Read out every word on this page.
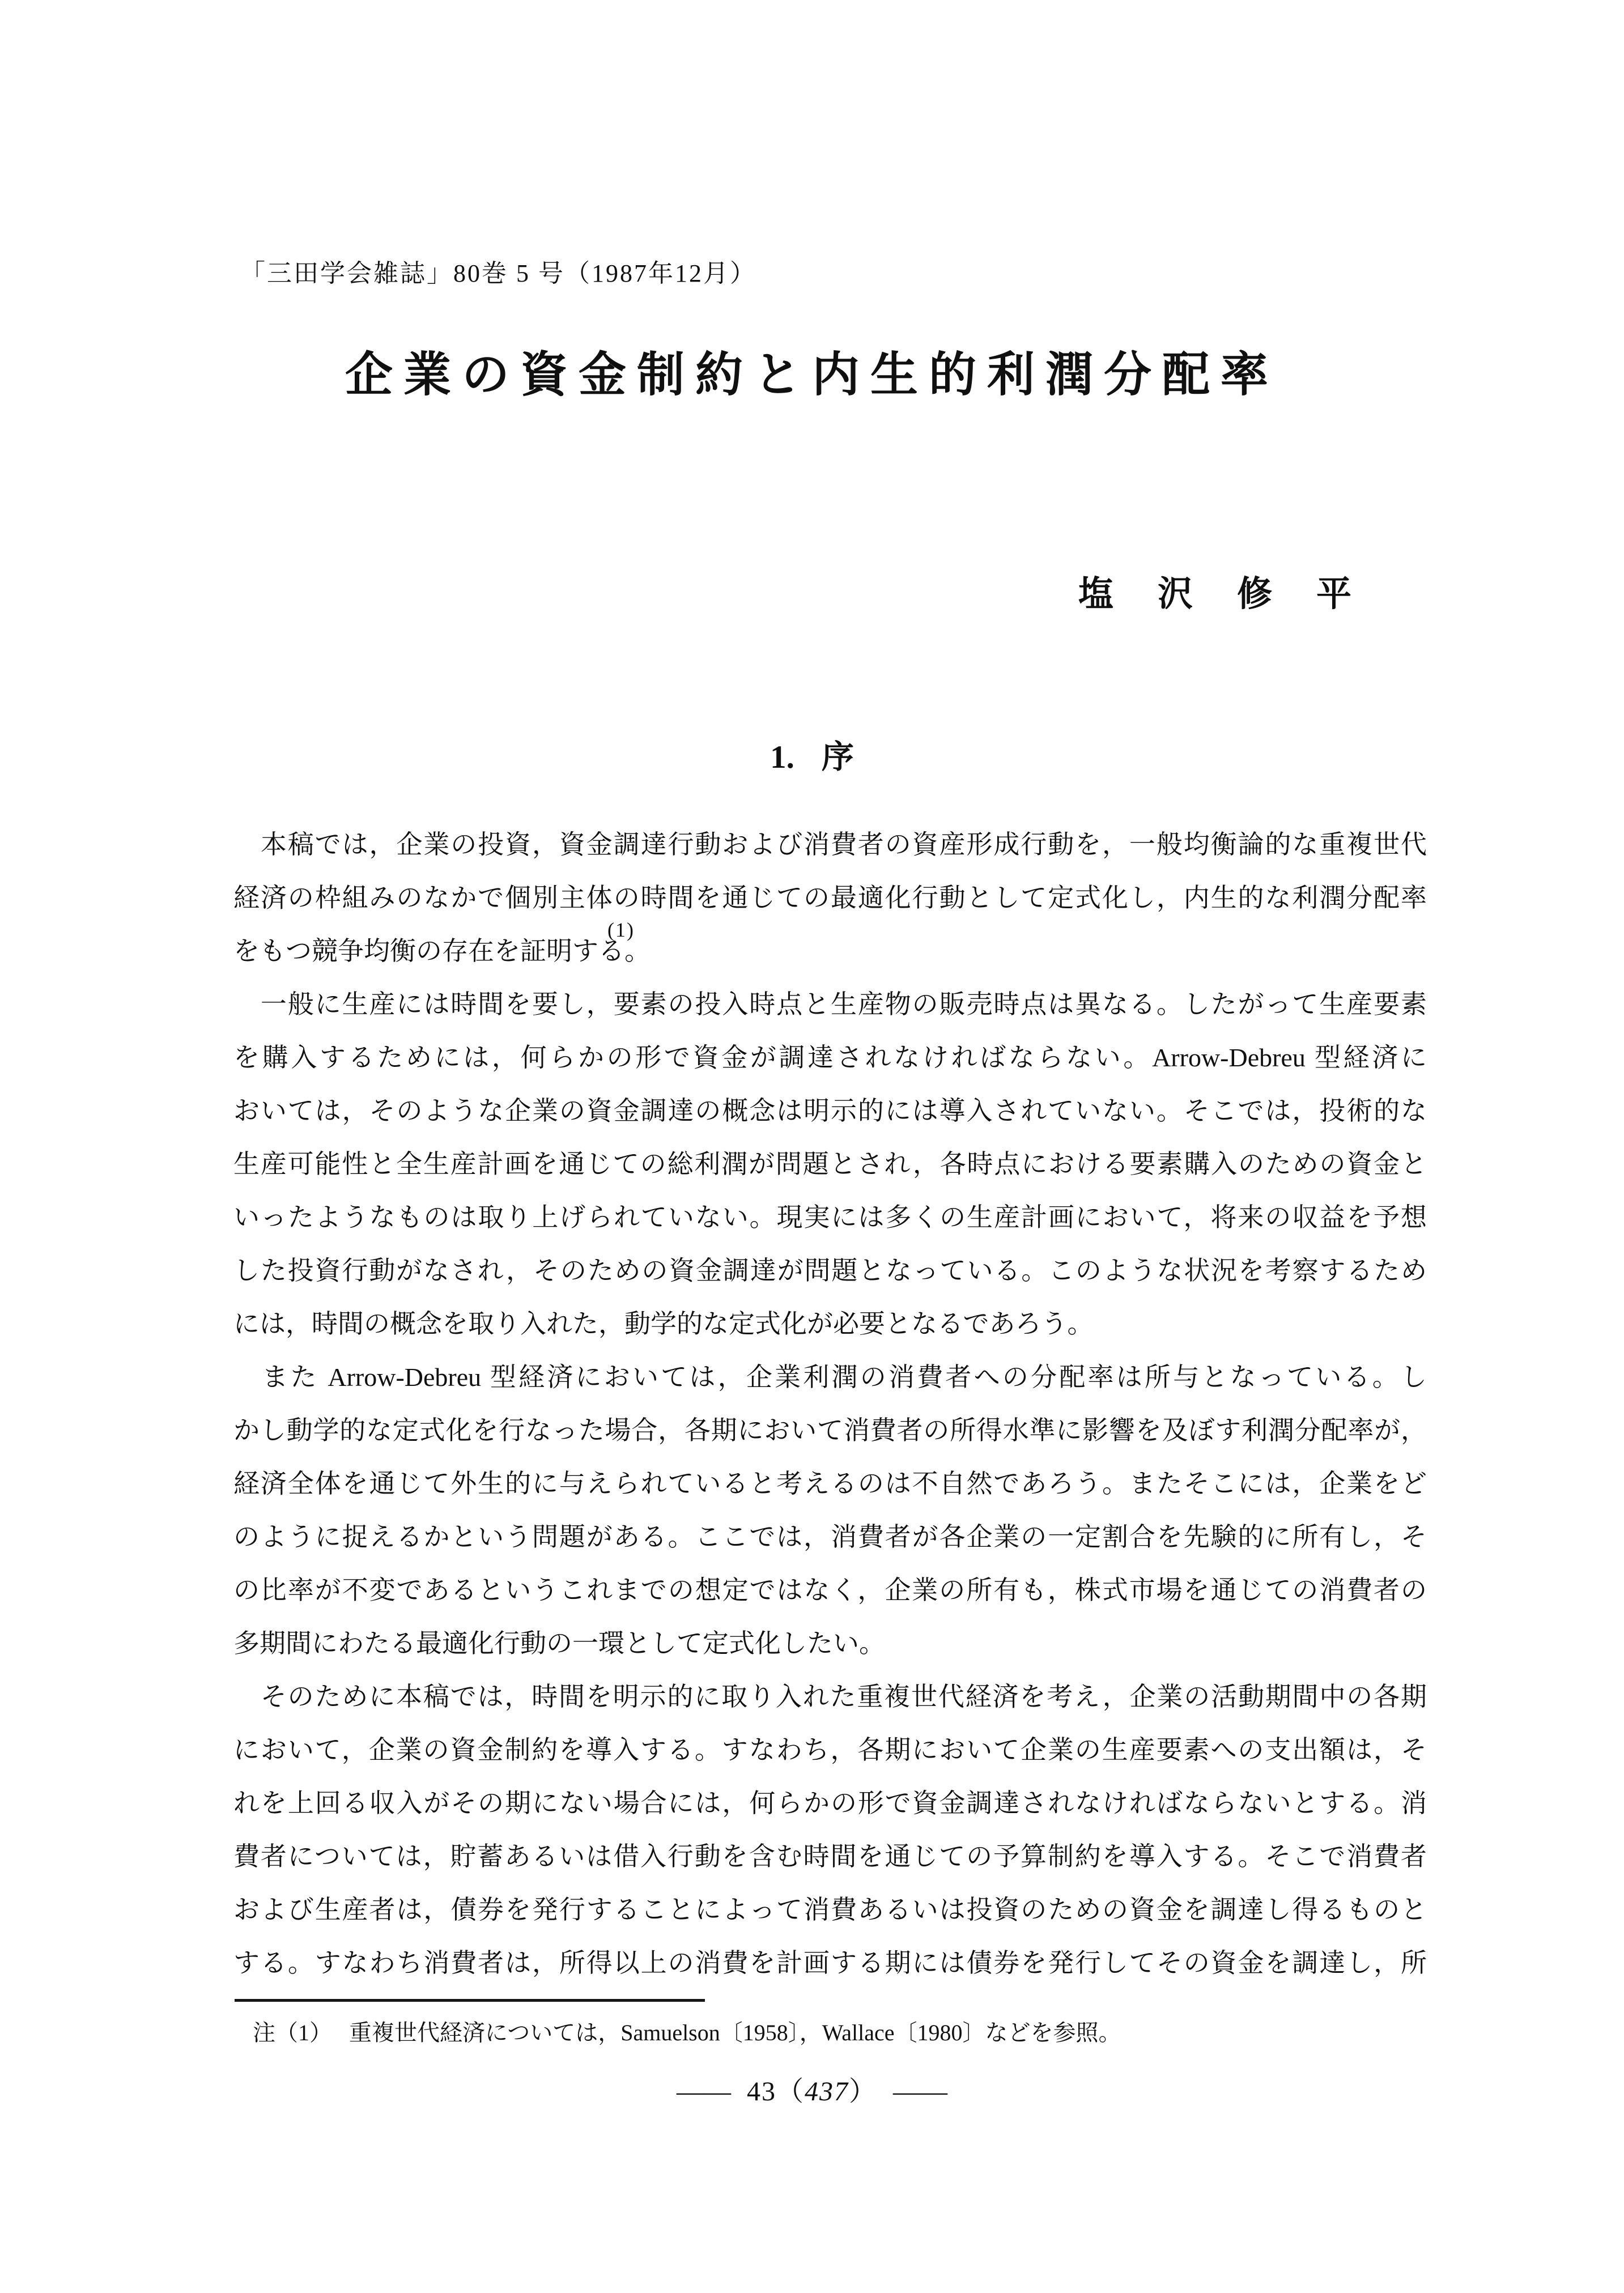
「三田学会雑誌」80巻 5 号（1987年12月）
企業の資金制約と内生的利潤分配率
塩　沢　修　平
1. 序
　本稿では，企業の投資，資金調達行動および消費者の資産形成行動を，一般均衡論的な重複世代
経済の枠組みのなかで個別主体の時間を通じての最適化行動として定式化し，内生的な利潤分配率
をもつ競争均衡の存在を証明す
(1)
る。
　一般に生産には時間を要し，要素の投入時点と生産物の販売時点は異なる。したがって生産要素
を購入するためには，何らかの形で資金が調達されなければならない。Arrow-Debreu 型経済に
おいては，そのような企業の資金調達の概念は明示的には導入されていない。そこでは，投術的な
生産可能性と全生産計画を通じての総利潤が問題とされ，各時点における要素購入のための資金と
いったようなものは取り上げられていない。現実には多くの生産計画において，将来の収益を予想
した投資行動がなされ，そのための資金調達が問題となっている。このような状況を考察するため
には，時間の概念を取り入れた，動学的な定式化が必要となるであろう。
　また Arrow-Debreu 型経済においては，企業利潤の消費者への分配率は所与となっている。し
かし動学的な定式化を行なった場合，各期において消費者の所得水準に影響を及ぼす利潤分配率が，
経済全体を通じて外生的に与えられていると考えるのは不自然であろう。またそこには，企業をど
のように捉えるかという問題がある。ここでは，消費者が各企業の一定割合を先験的に所有し，そ
の比率が不変であるというこれまでの想定ではなく，企業の所有も，株式市場を通じての消費者の
多期間にわたる最適化行動の一環として定式化したい。
　そのために本稿では，時間を明示的に取り入れた重複世代経済を考え，企業の活動期間中の各期
において，企業の資金制約を導入する。すなわち，各期において企業の生産要素への支出額は，そ
れを上回る収入がその期にない場合には，何らかの形で資金調達されなければならないとする。消
費者については，貯蓄あるいは借入行動を含む時間を通じての予算制約を導入する。そこで消費者
および生産者は，債券を発行することによって消費あるいは投資のための資金を調達し得るものと
する。すなわち消費者は，所得以上の消費を計画する期には債券を発行してその資金を調達し，所
注（1） 重複世代経済については，Samuelson〔1958〕，Wallace〔1980〕などを参照。
—— 43（437） ——
